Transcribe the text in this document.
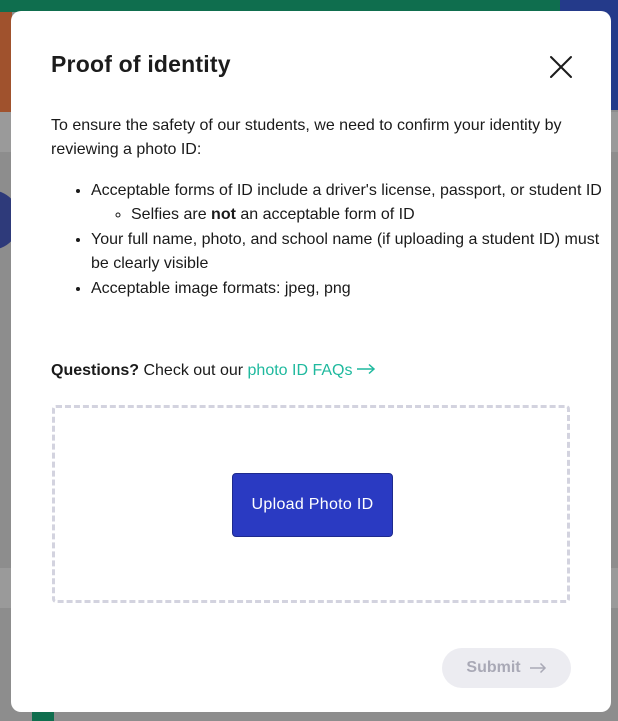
Proof of identity

To ensure the safety of our students, we need to confirm your identity by reviewing a photo ID:

• Acceptable forms of ID include a driver's license, passport, or student ID
◦ Selfies are not an acceptable form of ID
• Your full name, photo, and school name (if uploading a student ID) must be clearly visible
• Acceptable image formats: jpeg, png

Questions? Check out our photo ID FAQs

Upload Photo ID
Submit
